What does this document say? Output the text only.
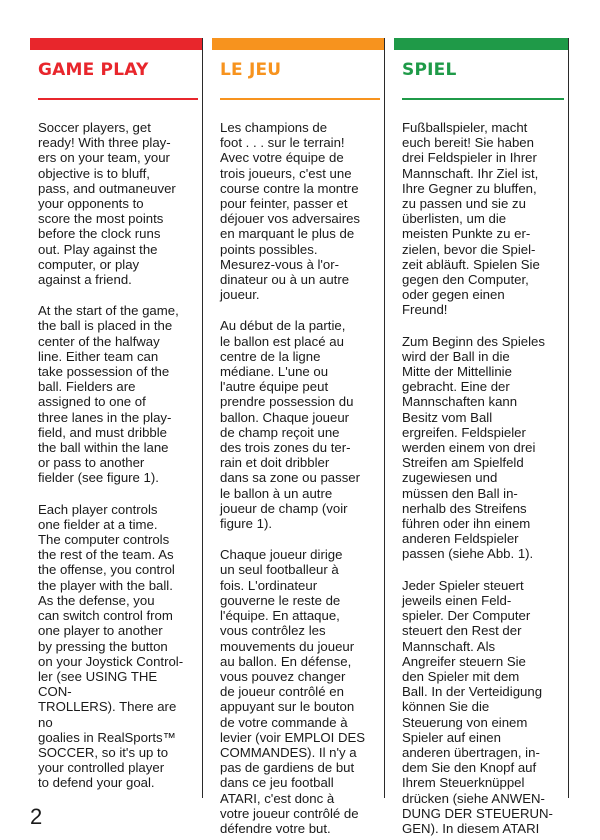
GAME PLAY

Soccer players, get
ready! With three play-
ers on your team, your
objective is to bluff,
pass, and outmaneuver
your opponents to
score the most points
before the clock runs
out. Play against the
computer, or play
against a friend.

At the start of the game,
the ball is placed in the
center of the halfway
line. Either team can
take possession of the
ball. Fielders are
assigned to one of
three lanes in the play-
field, and must dribble
the ball within the lane
or pass to another
fielder (see figure 1).

Each player controls
one fielder at a time.
The computer controls
the rest of the team. As
the offense, you control
the player with the ball.
As the defense, you
can switch control from
one player to another
by pressing the button
on your Joystick Control-
ler (see USING THE CON-
TROLLERS). There are no
goalies in RealSports™
SOCCER, so it's up to
your controlled player
to defend your goal.

LE JEU

Les champions de
foot . . . sur le terrain!
Avec votre équipe de
trois joueurs, c'est une
course contre la montre
pour feinter, passer et
déjouer vos adversaires
en marquant le plus de
points possibles.
Mesurez-vous à l'or-
dinateur ou à un autre
joueur.

Au début de la partie,
le ballon est placé au
centre de la ligne
médiane. L'une ou
l'autre équipe peut
prendre possession du
ballon. Chaque joueur
de champ reçoit une
des trois zones du ter-
rain et doit dribbler
dans sa zone ou passer
le ballon à un autre
joueur de champ (voir
figure 1).

Chaque joueur dirige
un seul footballeur à
fois. L'ordinateur
gouverne le reste de
l'équipe. En attaque,
vous contrôlez les
mouvements du joueur
au ballon. En défense,
vous pouvez changer
de joueur contrôlé en
appuyant sur le bouton
de votre commande à
levier (voir EMPLOI DES
COMMANDES). Il n'y a
pas de gardiens de but
dans ce jeu football
ATARI, c'est donc à
votre joueur contrôlé de
défendre votre but.

SPIEL

Fußballspieler, macht
euch bereit! Sie haben
drei Feldspieler in Ihrer
Mannschaft. Ihr Ziel ist,
Ihre Gegner zu bluffen,
zu passen und sie zu
überlisten, um die
meisten Punkte zu er-
zielen, bevor die Spiel-
zeit abläuft. Spielen Sie
gegen den Computer,
oder gegen einen
Freund!

Zum Beginn des Spieles
wird der Ball in die
Mitte der Mittellinie
gebracht. Eine der
Mannschaften kann
Besitz vom Ball
ergreifen. Feldspieler
werden einem von drei
Streifen am Spielfeld
zugewiesen und
müssen den Ball in-
nerhalb des Streifens
führen oder ihn einem
anderen Feldspieler
passen (siehe Abb. 1).

Jeder Spieler steuert
jeweils einen Feld-
spieler. Der Computer
steuert den Rest der
Mannschaft. Als
Angreifer steuern Sie
den Spieler mit dem
Ball. In der Verteidigung
können Sie die
Steuerung von einem
Spieler auf einen
anderen übertragen, in-
dem Sie den Knopf auf
Ihrem Steuerknüppel
drücken (siehe ANWEN-
DUNG DER STEUERUN-
GEN). In diesem ATARI

2
